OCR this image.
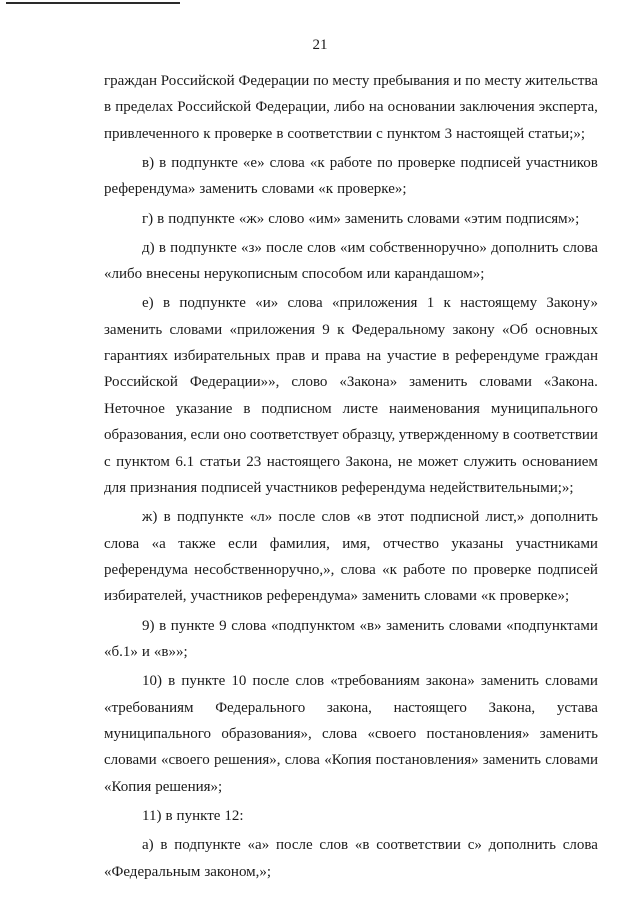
21
граждан Российской Федерации по месту пребывания и по месту жительства
в пределах Российской Федерации, либо на основании заключения эксперта,
привлеченного к проверке в соответствии с пунктом 3 настоящей статьи;»;
в) в подпункте «е» слова «к работе по проверке подписей участников
референдума» заменить словами «к проверке»;
г) в подпункте «ж» слово «им» заменить словами «этим подписям»;
д) в подпункте «з» после слов «им собственноручно» дополнить слова
«либо внесены нерукописным способом или карандашом»;
е) в подпункте «и» слова «приложения 1 к настоящему Закону»
заменить словами «приложения 9 к Федеральному закону «Об основных
гарантиях избирательных прав и права на участие в референдуме граждан
Российской Федерации»», слово «Закона» заменить словами «Закона.
Неточное указание в подписном листе наименования муниципального
образования, если оно соответствует образцу, утвержденному в соответствии
с пунктом 6.1 статьи 23 настоящего Закона, не может служить основанием
для признания подписей участников референдума недействительными;»;
ж) в подпункте «л» после слов «в этот подписной лист,» дополнить
слова «а также если фамилия, имя, отчество указаны участниками
референдума несобственноручно,», слова «к работе по проверке подписей
избирателей, участников референдума» заменить словами «к проверке»;
9) в пункте 9 слова «подпунктом «в» заменить словами «подпунктами
«б.1» и «в»»;
10) в пункте 10 после слов «требованиям закона» заменить словами
«требованиям Федерального закона, настоящего Закона, устава
муниципального образования», слова «своего постановления» заменить
словами «своего решения», слова «Копия постановления» заменить словами
«Копия решения»;
11) в пункте 12:
а) в подпункте «а» после слов «в соответствии с» дополнить слова
«Федеральным законом,»;
